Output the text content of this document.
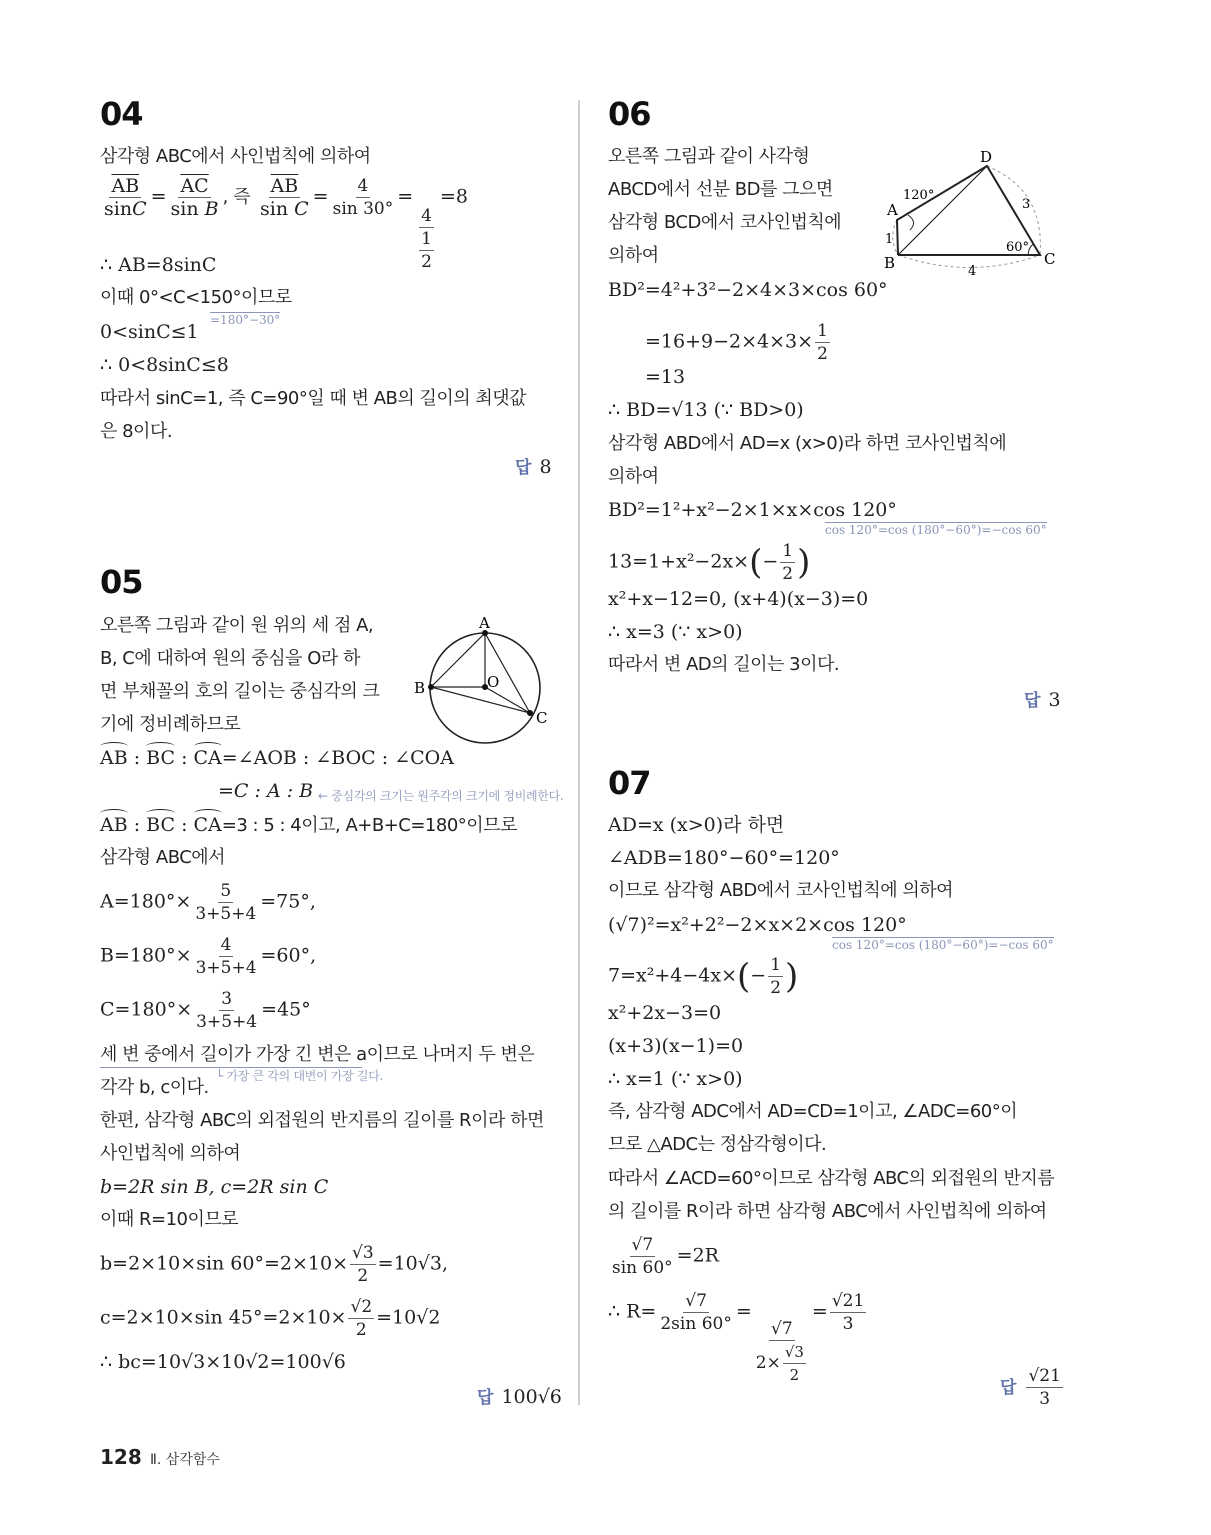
04
삼각형 ABC에서 사인법칙에 의하여
$\frac{\overline{AB}}{\sin C} = \frac{\overline{AC}}{\text{sin B}}$ , 즉 $\frac{\overline{AB}}{\text{sin C}} = \frac{4}{\sin 30^\circ}$ =
$\frac{4}{\frac{1}{2}}$
=8
∴ AB=8sinC
이때 0°<C<150°이므로
=180°−30°
0<sinC≤1
∴ 0<8sinC≤8
따라서 sinC=1, 즉 C=90°일 때 변 AB의 길이의 최댓값
은 8이다.
답 8
05
오른쪽 그림과 같이 원 위의 세 점 A,
B, C에 대하여 원의 중심을 O라 하
면 부채꼴의 호의 길이는 중심각의 크
기에 정비례하므로
A
B
C
O
AB : BC : CA=∠AOB : ∠BOC : ∠COA
=C : A : B ← 중심각의 크기는 원주각의 크기에 정비례한다.
AB : BC : CA=3 : 5 : 4이고, A+B+C=180°이므로
삼각형 ABC에서
$A=180^\circ\times \frac{5}{3+5+4} =75^\circ$,
$B=180^\circ\times \frac{4}{3+5+4} =60^\circ$,
$C=180^\circ\times \frac{3}{3+5+4} =45^\circ$
세 변 중에서 길이가 가장 긴 변은 a이므로 나머지 두 변은
└ 가장 큰 각의 대변이 가장 길다.
각각 b, c이다.
한편, 삼각형 ABC의 외접원의 반지름의 길이를 R이라 하면
사인법칙에 의하여
b=2R sin B, c=2R sin C
이때 R=10이므로
b=2×10×sin $60^\circ=2\times 10\times \frac{√3}{2} =10√3$,
c=2×10×sin $45^\circ=2\times 10\times \frac{√2}{2} =10√2$
∴ bc=10√3×10√2=100√6
답 100√6
06
오른쪽 그림과 같이 사각형
ABCD에서 선분 BD를 그으면
삼각형 BCD에서 코사인법칙에
의하여
D
A
B	C
120°
60°
1
4
3
BD²=4²+3²−2×4×3×cos 60°
$=16+9-2\times 4\times 3\times \frac{1}{2}$
=13
∴ BD=√13 (∵ BD>0)
삼각형 ABD에서 AD=x (x>0)라 하면 코사인법칙에
의하여
BD²=1²+x²−2×1×x×cos 120°
cos 120°=cos (180°−60°)=−cos 60°
$13=1+x^2-2x\times(- \frac{1}{2}$ )
x²+x−12=0, (x+4)(x−3)=0
∴ x=3 (∵ x>0)
따라서 변 AD의 길이는 3이다.
답 3
07
AD=x (x>0)라 하면
∠ADB=180°−60°=120°
이므로 삼각형 ABD에서 코사인법칙에 의하여
(√7)²=x²+2²−2×x×2×cos 120°
cos 120°=cos (180°−60°)=−cos 60°
$7=x^2+4-4x\times(- \frac{1}{2}$ )
x²+2x−3=0
(x+3)(x−1)=0
∴ x=1 (∵ x>0)
즉, 삼각형 ADC에서 AD=CD=1이고, ∠ADC=60°이
므로 △ADC는 정삼각형이다.
따라서 ∠ACD=60°이므로 삼각형 ABC의 외접원의 반지름
의 길이를 R이라 하면 삼각형 ABC에서 사인법칙에 의하여
$\frac{√7}{\sin 60^\circ} =2R$
∴ $R= \frac{√7}{2\sin 60^\circ}$ =
$\frac{√7}{2\times \frac{√3}{2}}$
= $\frac{√21}{3}$
답 $\frac{√21}{3}$
128 Ⅱ. 삼각함수
